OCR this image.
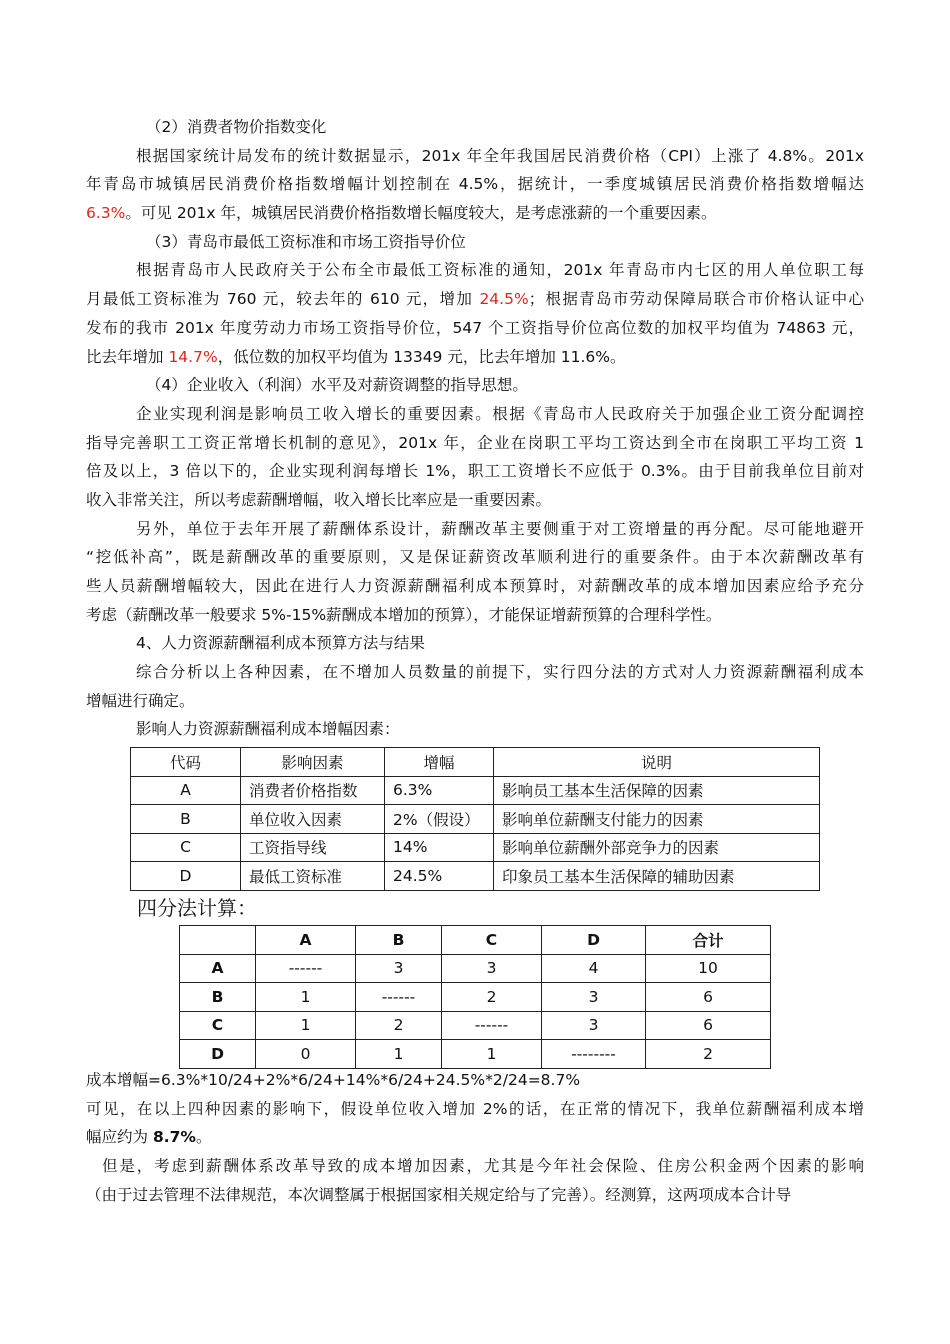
（2）消费者物价指数变化
根据国家统计局发布的统计数据显示，201x 年全年我国居民消费价格（CPI）上涨了 4.8%。201x
年青岛市城镇居民消费价格指数增幅计划控制在 4.5%，据统计，一季度城镇居民消费价格指数增幅达
6.3%。可见 201x 年，城镇居民消费价格指数增长幅度较大，是考虑涨薪的一个重要因素。
（3）青岛市最低工资标准和市场工资指导价位
根据青岛市人民政府关于公布全市最低工资标准的通知，201x 年青岛市内七区的用人单位职工每
月最低工资标准为 760 元，较去年的 610 元，增加 24.5%；根据青岛市劳动保障局联合市价格认证中心
发布的我市 201x 年度劳动力市场工资指导价位，547 个工资指导价位高位数的加权平均值为 74863 元，
比去年增加 14.7%，低位数的加权平均值为 13349 元，比去年增加 11.6%。
（4）企业收入（利润）水平及对薪资调整的指导思想。
企业实现利润是影响员工收入增长的重要因素。根据《青岛市人民政府关于加强企业工资分配调控
指导完善职工工资正常增长机制的意见》，201x 年，企业在岗职工平均工资达到全市在岗职工平均工资 1
倍及以上，3 倍以下的，企业实现利润每增长 1%，职工工资增长不应低于 0.3%。由于目前我单位目前对
收入非常关注，所以考虑薪酬增幅，收入增长比率应是一重要因素。
另外，单位于去年开展了薪酬体系设计，薪酬改革主要侧重于对工资增量的再分配。尽可能地避开
“挖低补高”，既是薪酬改革的重要原则，又是保证薪资改革顺利进行的重要条件。由于本次薪酬改革有
些人员薪酬增幅较大，因此在进行人力资源薪酬福利成本预算时，对薪酬改革的成本增加因素应给予充分
考虑（薪酬改革一般要求 5%-15%薪酬成本增加的预算），才能保证增薪预算的合理科学性。
4、人力资源薪酬福利成本预算方法与结果
综合分析以上各种因素，在不增加人员数量的前提下，实行四分法的方式对人力资源薪酬福利成本
增幅进行确定。
影响人力资源薪酬福利成本增幅因素：
代码	影响因素	增幅	说明
A	消费者价格指数	6.3%	影响员工基本生活保障的因素
B	单位收入因素	2%（假设）	影响单位薪酬支付能力的因素
C	工资指导线	14%	影响单位薪酬外部竞争力的因素
D	最低工资标准	24.5%	印象员工基本生活保障的辅助因素
四分法计算：
	A	B	C	D	合计
A	------	3	3	4	10
B	1	------	2	3	6
C	1	2	------	3	6
D	0	1	1	--------	2
成本增幅=6.3%*10/24+2%*6/24+14%*6/24+24.5%*2/24=8.7%
可见，在以上四种因素的影响下，假设单位收入增加 2%的话，在正常的情况下，我单位薪酬福利成本增
幅应约为 8.7%。
但是，考虑到薪酬体系改革导致的成本增加因素，尤其是今年社会保险、住房公积金两个因素的影响
（由于过去管理不法律规范，本次调整属于根据国家相关规定给与了完善）。经测算，这两项成本合计导
